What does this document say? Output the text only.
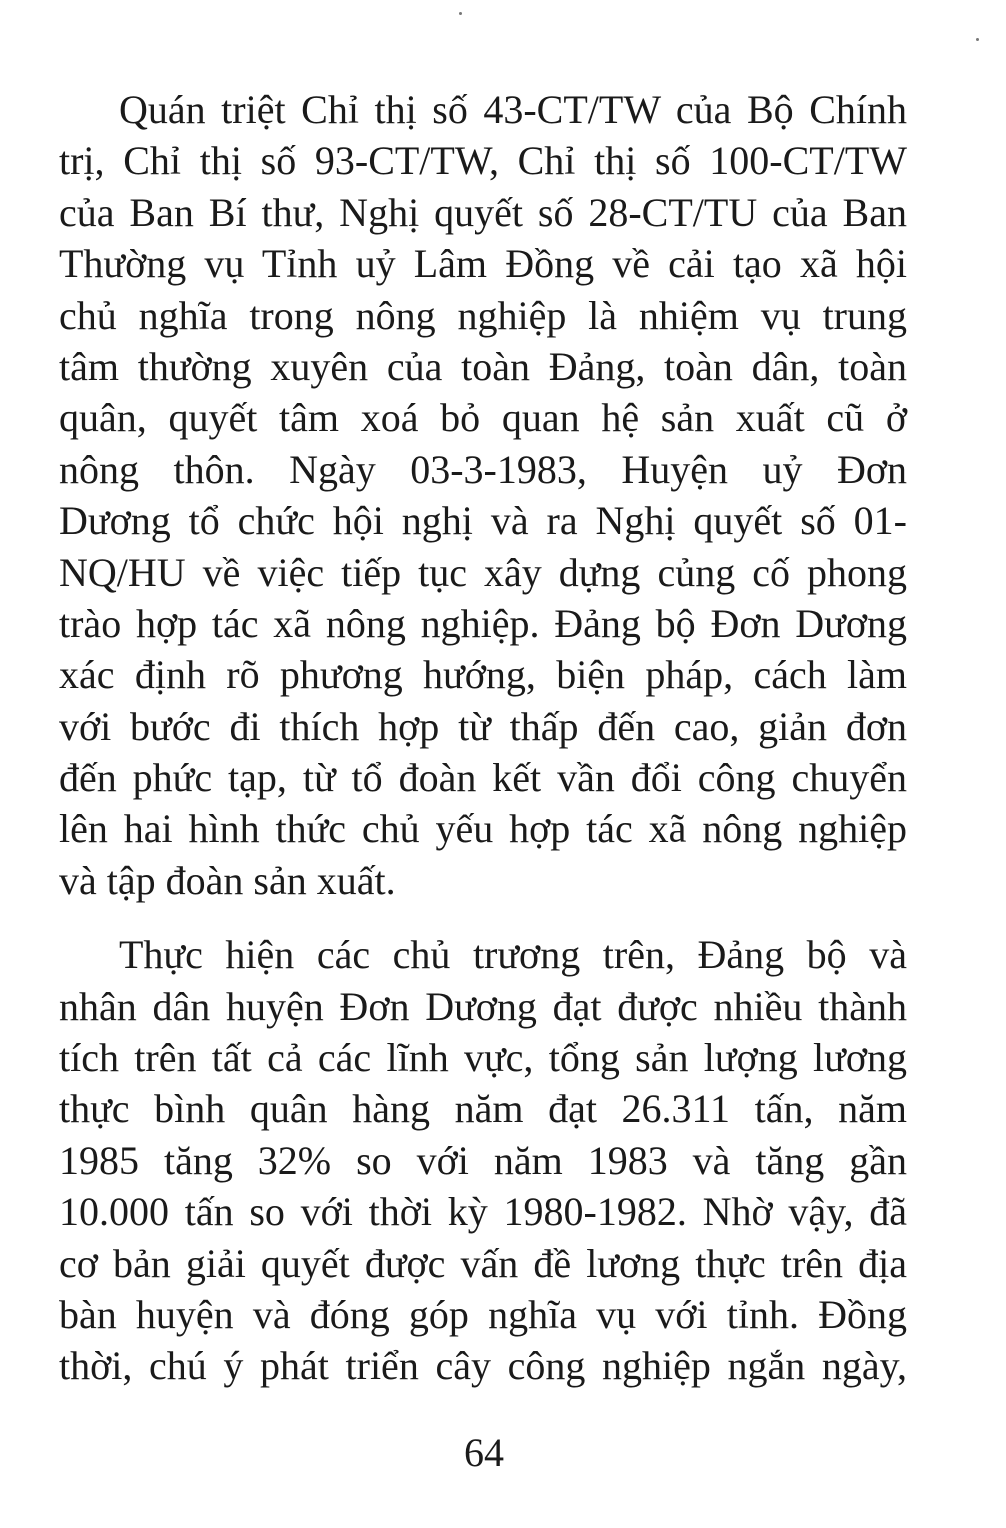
Quán triệt Chỉ thị số 43-CT/TW của Bộ Chính
trị, Chỉ thị số 93-CT/TW, Chỉ thị số 100-CT/TW
của Ban Bí thư, Nghị quyết số 28-CT/TU của Ban
Thường vụ Tỉnh uỷ Lâm Đồng về cải tạo xã hội
chủ nghĩa trong nông nghiệp là nhiệm vụ trung
tâm thường xuyên của toàn Đảng, toàn dân, toàn
quân, quyết tâm xoá bỏ quan hệ sản xuất cũ ở
nông thôn. Ngày 03-3-1983, Huyện uỷ Đơn
Dương tổ chức hội nghị và ra Nghị quyết số 01-
NQ/HU về việc tiếp tục xây dựng củng cố phong
trào hợp tác xã nông nghiệp. Đảng bộ Đơn Dương
xác định rõ phương hướng, biện pháp, cách làm
với bước đi thích hợp từ thấp đến cao, giản đơn
đến phức tạp, từ tổ đoàn kết vần đổi công chuyển
lên hai hình thức chủ yếu hợp tác xã nông nghiệp
và tập đoàn sản xuất.
Thực hiện các chủ trương trên, Đảng bộ và
nhân dân huyện Đơn Dương đạt được nhiều thành
tích trên tất cả các lĩnh vực, tổng sản lượng lương
thực bình quân hàng năm đạt 26.311 tấn, năm
1985 tăng 32% so với năm 1983 và tăng gần
10.000 tấn so với thời kỳ 1980-1982. Nhờ vậy, đã
cơ bản giải quyết được vấn đề lương thực trên địa
bàn huyện và đóng góp nghĩa vụ với tỉnh. Đồng
thời, chú ý phát triển cây công nghiệp ngắn ngày,
64
